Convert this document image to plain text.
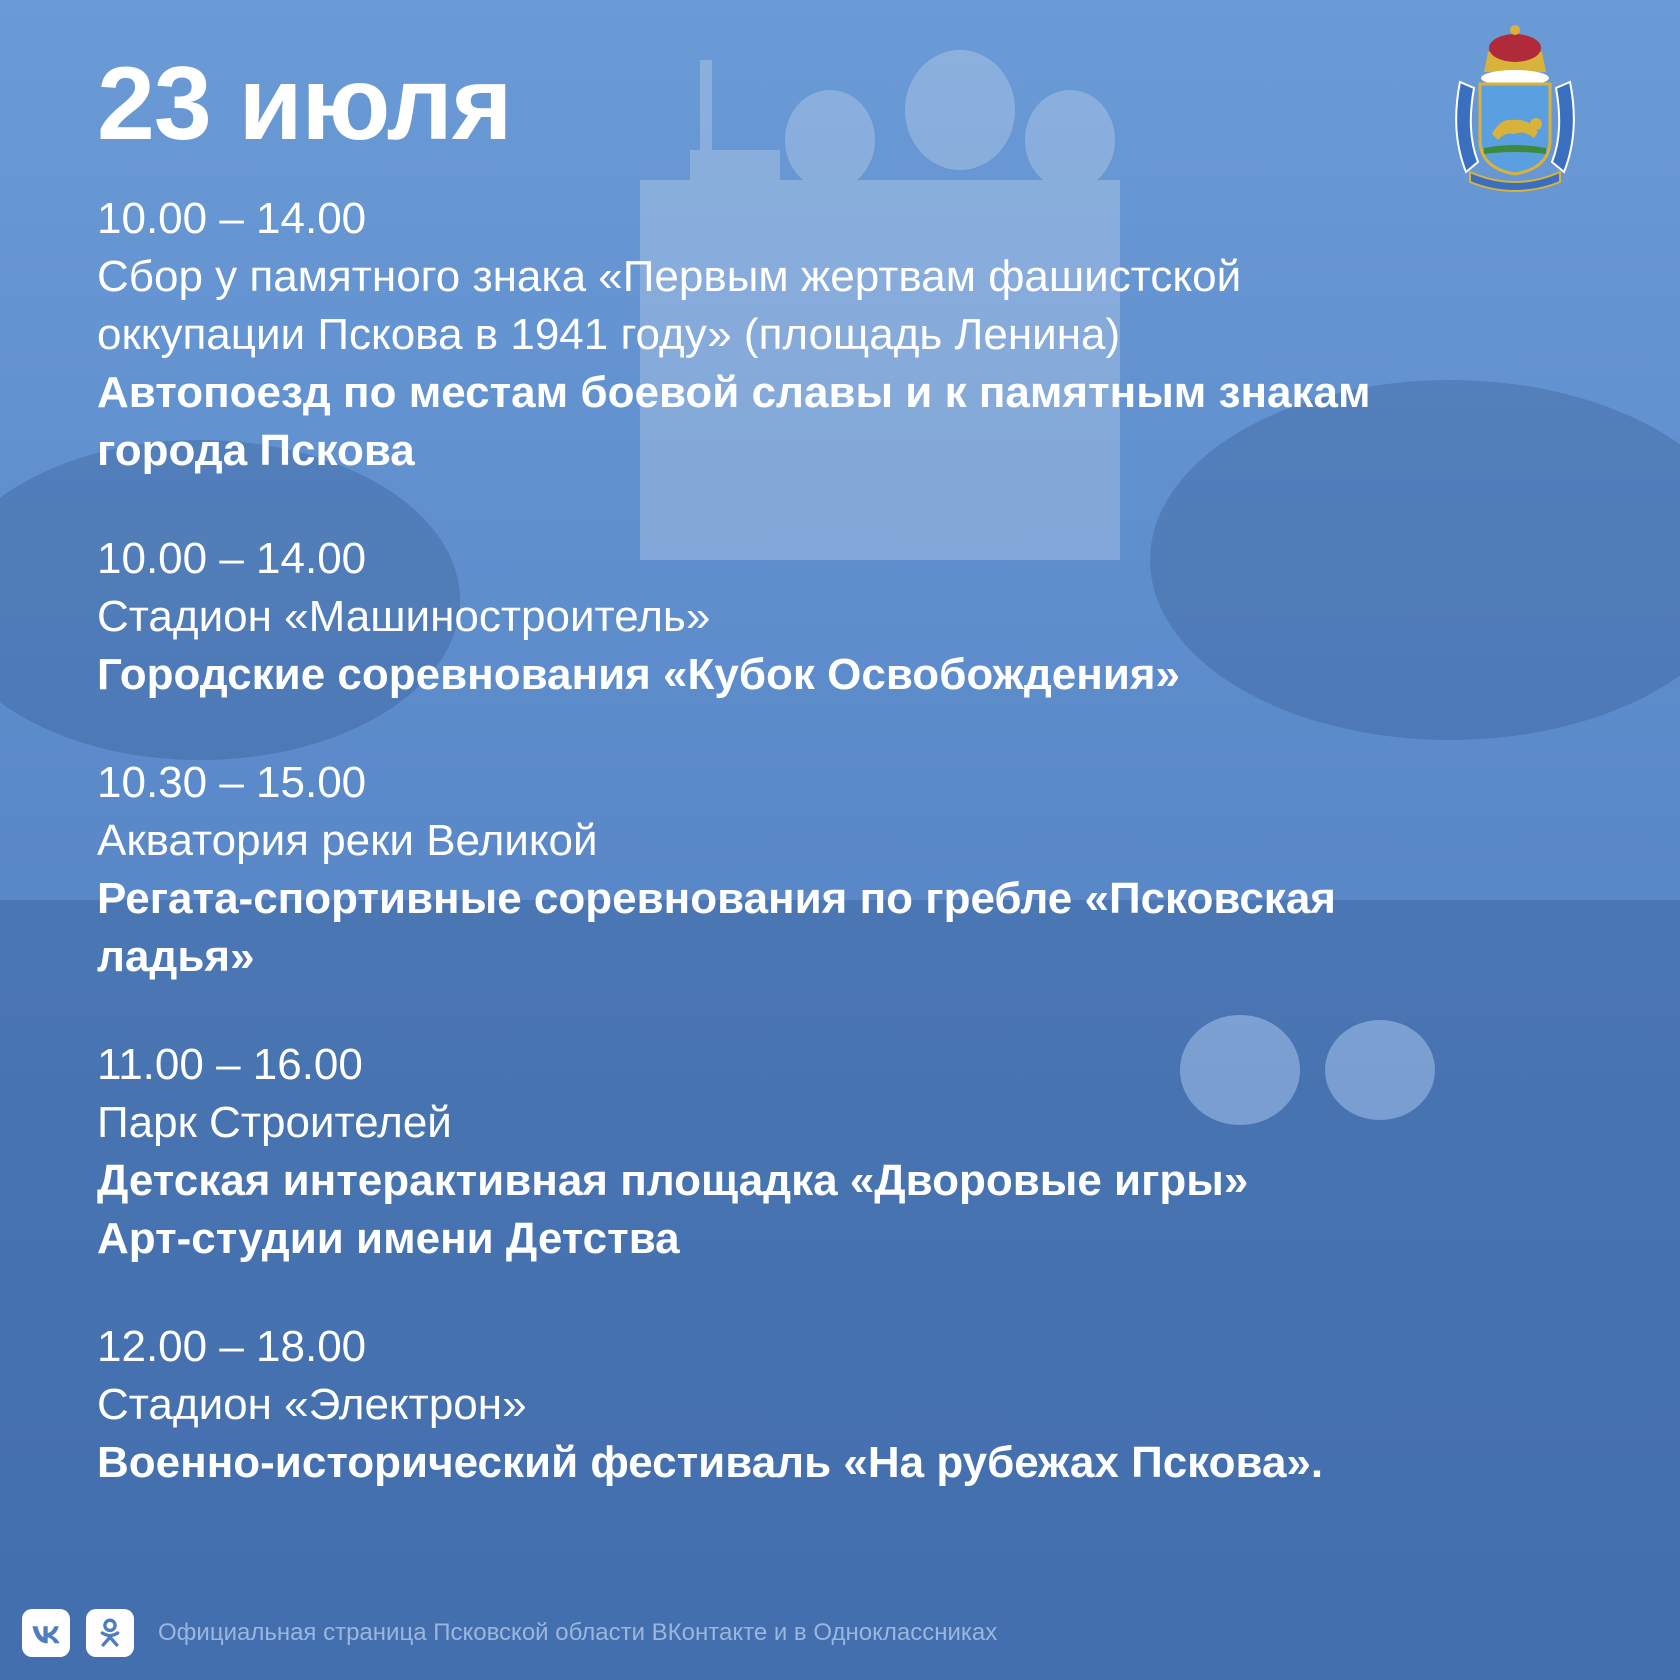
23 июля
10.00 – 14.00
Сбор у памятного знака «Первым жертвам фашистской
оккупации Пскова в 1941 году» (площадь Ленина)
Автопоезд по местам боевой славы и к памятным знакам
города Пскова
10.00 – 14.00
Стадион «Машиностроитель»
Городские соревнования «Кубок Освобождения»
10.30 – 15.00
Акватория реки Великой
Регата-спортивные соревнования по гребле «Псковская
ладья»
11.00 – 16.00
Парк Строителей
Детская интерактивная площадка «Дворовые игры»
Арт-студии имени Детства
12.00 – 18.00
Стадион «Электрон»
Военно-исторический фестиваль «На рубежах Пскова».
Официальная страница Псковской области ВКонтакте и в Одноклассниках
